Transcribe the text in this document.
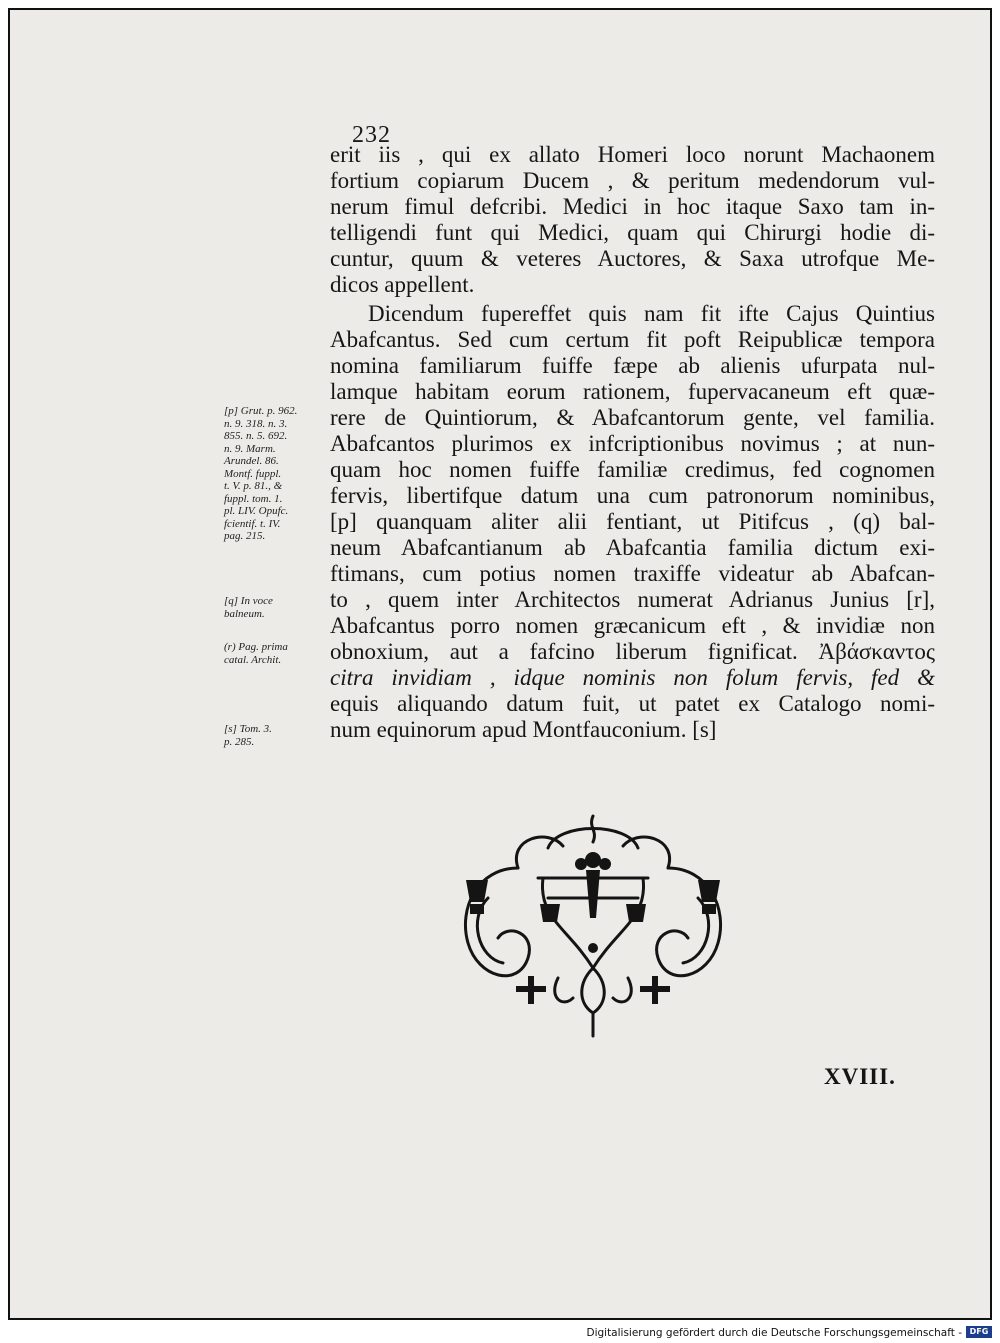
232
erit iis , qui ex allato Homeri loco norunt Machaonem
fortium copiarum Ducem , & peritum medendorum vul-
nerum fimul defcribi. Medici in hoc itaque Saxo tam in-
telligendi funt qui Medici, quam qui Chirurgi hodie di-
cuntur, quum & veteres Auctores, & Saxa utrofque Me-
dicos appellent.
Dicendum fupereffet quis nam fit ifte Cajus Quintius
Abafcantus. Sed cum certum fit poft Reipublicæ tempora
nomina familiarum fuiffe fæpe ab alienis ufurpata nul-
lamque habitam eorum rationem, fupervacaneum eft quæ-
rere de Quintiorum, & Abafcantorum gente, vel familia.
Abafcantos plurimos ex infcriptionibus novimus ; at nun-
quam hoc nomen fuiffe familiæ credimus, fed cognomen
fervis, libertifque datum una cum patronorum nominibus,
[p] quanquam aliter alii fentiant, ut Pitifcus , (q) bal-
neum Abafcantianum ab Abafcantia familia dictum exi-
ftimans, cum potius nomen traxiffe videatur ab Abafcan-
to , quem inter Architectos numerat Adrianus Junius [r],
Abafcantus porro nomen græcanicum eft , & invidiæ non
obnoxium, aut a fafcino liberum fignificat. Ἀβάσκαντος
citra invidiam , idque nominis non folum fervis, fed &
equis aliquando datum fuit, ut patet ex Catalogo nomi-
num equinorum apud Montfauconium. [s]
[p] Grut. p. 962.
n. 9. 318. n. 3.
855. n. 5. 692.
n. 9. Marm.
Arundel. 86.
Montf. fuppl.
t. V. p. 81., &
fuppl. tom. 1.
pl. LIV. Opufc.
fcientif. t. IV.
pag. 215.
[q] In voce
balneum.
(r) Pag. prima
catal. Archit.
[s] Tom. 3.
p. 285.
XVIII.
Digitalisierung gefördert durch die Deutsche Forschungsgemeinschaft - DFG
